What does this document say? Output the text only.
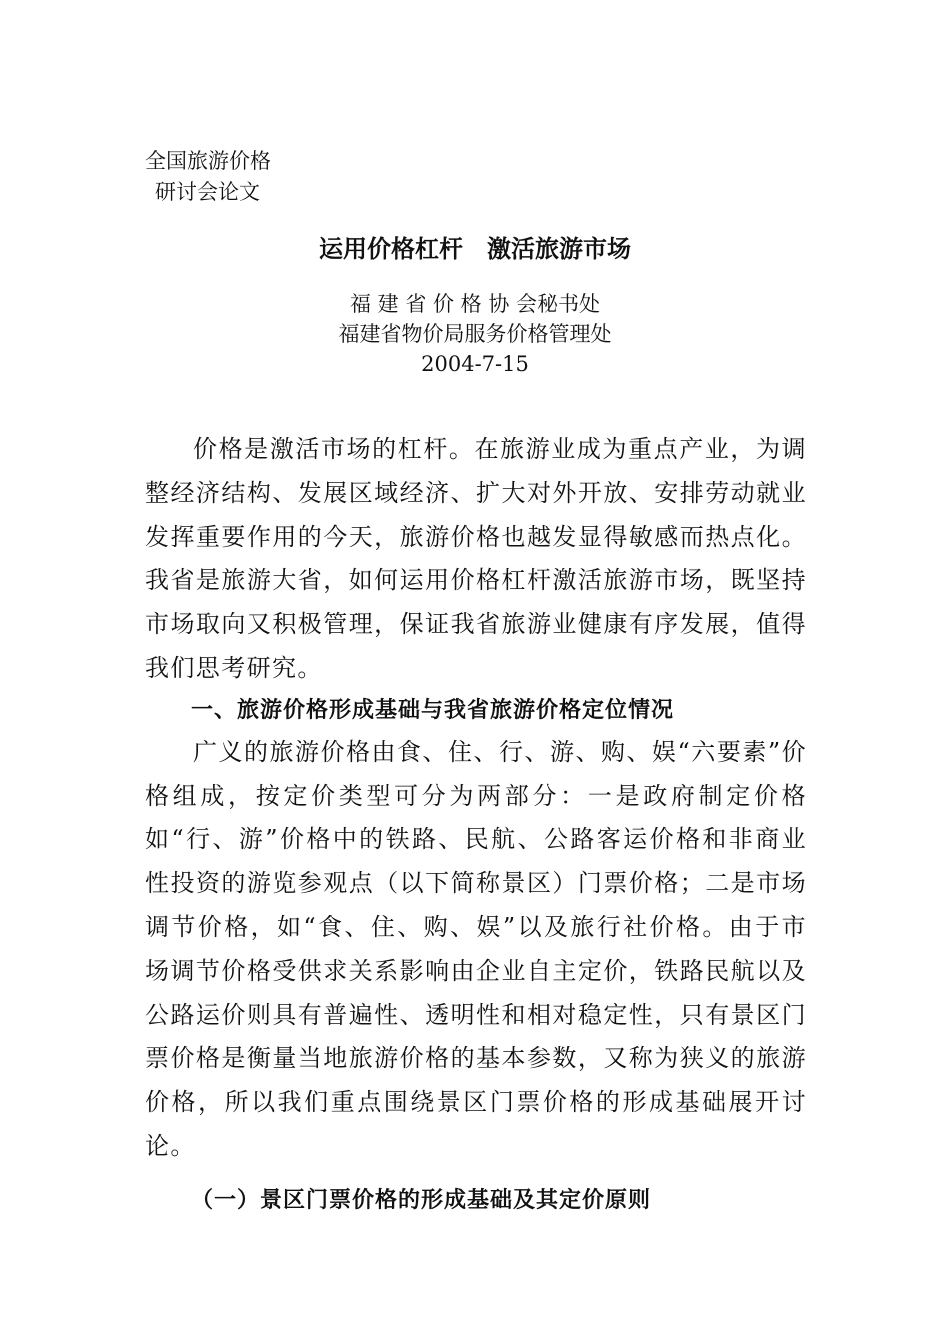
全国旅游价格
研讨会论文
运用价格杠杆　激活旅游市场
福 建 省 价 格 协 会秘书处
福建省物价局服务价格管理处
2004-7-15

价格是激活市场的杠杆。在旅游业成为重点产业，为调整经济结构、发展区域经济、扩大对外开放、安排劳动就业发挥重要作用的今天，旅游价格也越发显得敏感而热点化。我省是旅游大省，如何运用价格杠杆激活旅游市场，既坚持市场取向又积极管理，保证我省旅游业健康有序发展，值得我们思考研究。

一、旅游价格形成基础与我省旅游价格定位情况

广义的旅游价格由食、住、行、游、购、娱“六要素”价格组成，按定价类型可分为两部分：一是政府制定价格如“行、游”价格中的铁路、民航、公路客运价格和非商业性投资的游览参观点（以下简称景区）门票价格；二是市场调节价格，如“食、住、购、娱”以及旅行社价格。由于市场调节价格受供求关系影响由企业自主定价，铁路民航以及公路运价则具有普遍性、透明性和相对稳定性，只有景区门票价格是衡量当地旅游价格的基本参数，又称为狭义的旅游价格，所以我们重点围绕景区门票价格的形成基础展开讨论。

（一）景区门票价格的形成基础及其定价原则
